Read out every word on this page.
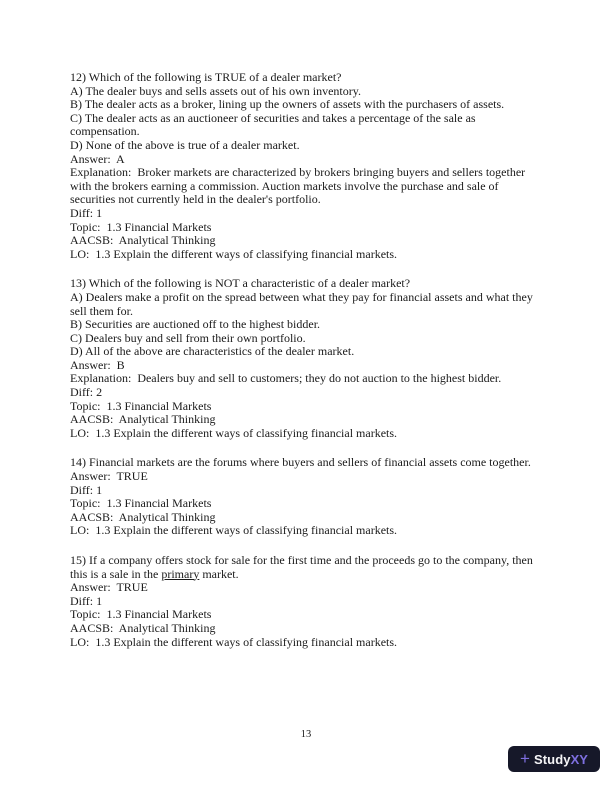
12) Which of the following is TRUE of a dealer market?

A) The dealer buys and sells assets out of his own inventory.

B) The dealer acts as a broker, lining up the owners of assets with the purchasers of assets.

C) The dealer acts as an auctioneer of securities and takes a percentage of the sale as

compensation.

D) None of the above is true of a dealer market.

Answer:  A

Explanation:  Broker markets are characterized by brokers bringing buyers and sellers together

with the brokers earning a commission. Auction markets involve the purchase and sale of

securities not currently held in the dealer's portfolio.

Diff: 1

Topic:  1.3 Financial Markets

AACSB:  Analytical Thinking

LO:  1.3 Explain the different ways of classifying financial markets.

13) Which of the following is NOT a characteristic of a dealer market?

A) Dealers make a profit on the spread between what they pay for financial assets and what they

sell them for.

B) Securities are auctioned off to the highest bidder.

C) Dealers buy and sell from their own portfolio.

D) All of the above are characteristics of the dealer market.

Answer:  B

Explanation:  Dealers buy and sell to customers; they do not auction to the highest bidder.

Diff: 2

Topic:  1.3 Financial Markets

AACSB:  Analytical Thinking

LO:  1.3 Explain the different ways of classifying financial markets.

14) Financial markets are the forums where buyers and sellers of financial assets come together.

Answer:  TRUE

Diff: 1

Topic:  1.3 Financial Markets

AACSB:  Analytical Thinking

LO:  1.3 Explain the different ways of classifying financial markets.

15) If a company offers stock for sale for the first time and the proceeds go to the company, then

this is a sale in the primary market.

Answer:  TRUE

Diff: 1

Topic:  1.3 Financial Markets

AACSB:  Analytical Thinking

LO:  1.3 Explain the different ways of classifying financial markets.

13
+ Study XY
